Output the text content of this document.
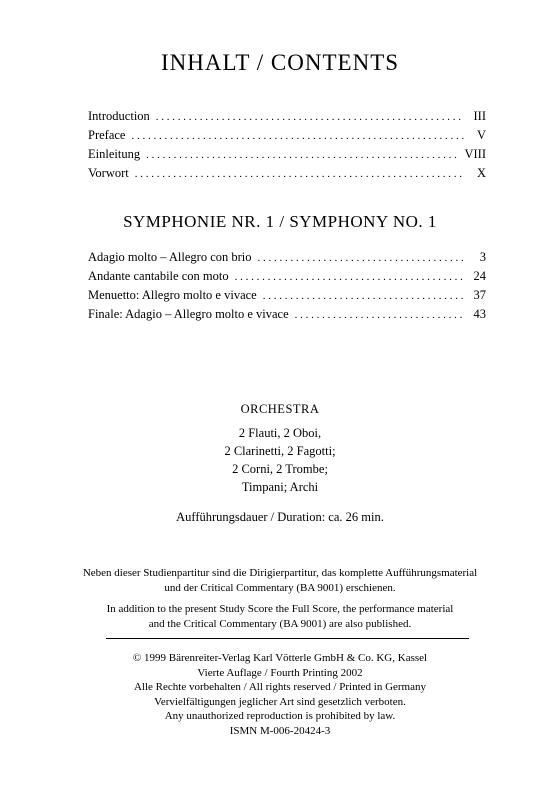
INHALT / CONTENTS
Introduction . . .	III
Preface . . .	V
Einleitung . . .	VIII
Vorwort . . .	X
SYMPHONIE NR. 1 / SYMPHONY NO. 1
Adagio molto – Allegro con brio . . .	3
Andante cantabile con moto . . .	24
Menuetto: Allegro molto e vivace . . .	37
Finale: Adagio – Allegro molto e vivace . . .	43
ORCHESTRA
2 Flauti, 2 Oboi,
2 Clarinetti, 2 Fagotti;
2 Corni, 2 Trombe;
Timpani; Archi
Aufführungsdauer / Duration: ca. 26 min.
Neben dieser Studienpartitur sind die Dirigierpartitur, das komplette Aufführungsmaterial
und der Critical Commentary (BA 9001) erschienen.
In addition to the present Study Score the Full Score, the performance material
and the Critical Commentary (BA 9001) are also published.
© 1999 Bärenreiter-Verlag Karl Vötterle GmbH & Co. KG, Kassel
Vierte Auflage / Fourth Printing 2002
Alle Rechte vorbehalten / All rights reserved / Printed in Germany
Vervielfältigungen jeglicher Art sind gesetzlich verboten.
Any unauthorized reproduction is prohibited by law.
ISMN M-006-20424-3
